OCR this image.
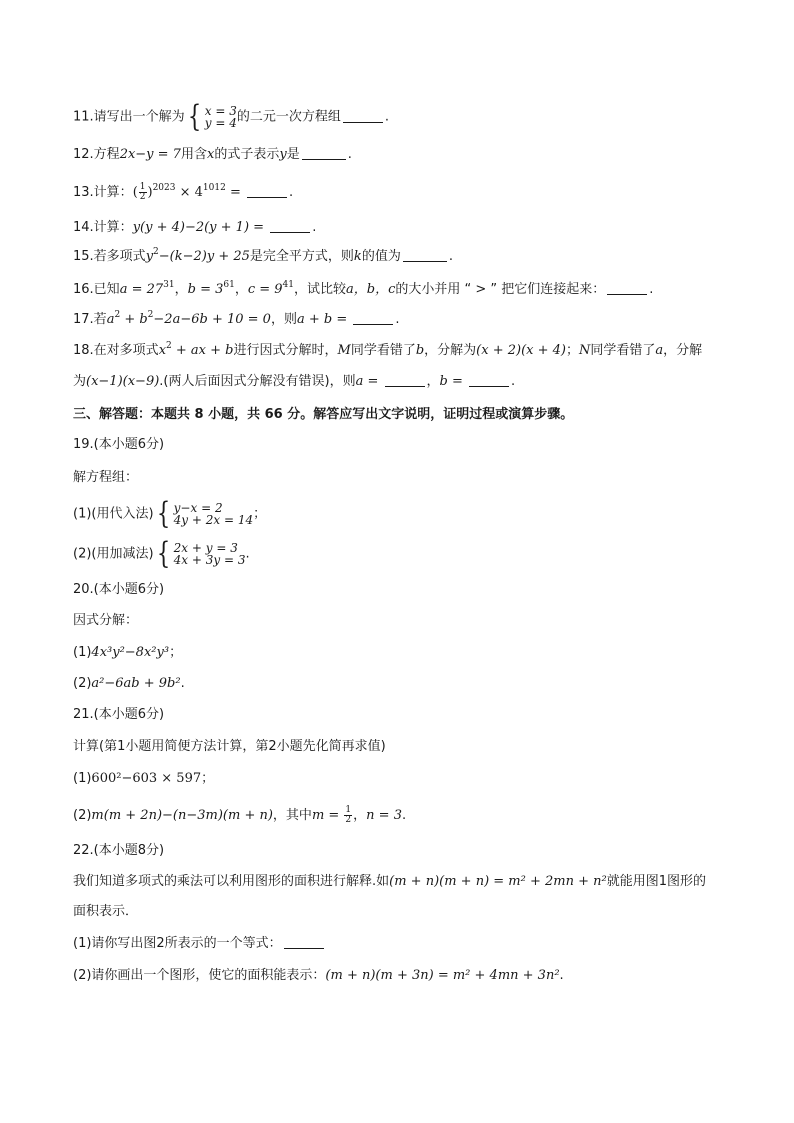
11.请写出一个解为 { x = 3
y = 4 的二元一次方程组	.
12.方程2x−y = 7用含x的式子表示y是	.
13.计算：( $\frac{1}{2} )^{2023} \times 4^{1012}$ =	.
14.计算：y(y + 4)−2(y + 1) =	.
15.若多项式$y^2-(k-2)y + 25$是完全平方式，则k的值为	.
16.已知$a = 27^{31}$，$b = 3^{61}$，$c = 9^{41}$，试比较a，b，c的大小并用 “ > ” 把它们连接起来：	.
17.若$a^2 + b^2-2a-6b + 10 = 0$，则a + b =	.
18.在对多项式$x^2$ + ax + b进行因式分解时，M同学看错了b，分解为(x + 2)(x + 4)；N同学看错了a，分解
为(x−1)(x−9).(两人后面因式分解没有错误)，则a =	，b =	.
三、解答题：本题共 8 小题，共 66 分。解答应写出文字说明，证明过程或演算步骤。
19.(本小题6分)
解方程组：
(1)(用代入法) { y−x = 2
4y + 2x = 14 ；
(2)(用加减法) { 2x + y = 3
4x + 3y = 3 .
20.(本小题6分)
因式分解：
(1)4x³y²−8x²y³；
(2)a²−6ab + 9b².
21.(本小题6分)
计算(第1小题用简便方法计算，第2小题先化简再求值)
(1)600²−603 × 597；
(2)m(m + 2n)−(n−3m)(m + n)，其中$m = \frac{1}{2}$ ，n = 3.
22.(本小题8分)
我们知道多项式的乘法可以利用图形的面积进行解释.如(m + n)(m + n) = m² + 2mn + n²就能用图1图形的
面积表示．
(1)请你写出图2所表示的一个等式：
(2)请你画出一个图形，使它的面积能表示：(m + n)(m + 3n) = m² + 4mn + 3n².
